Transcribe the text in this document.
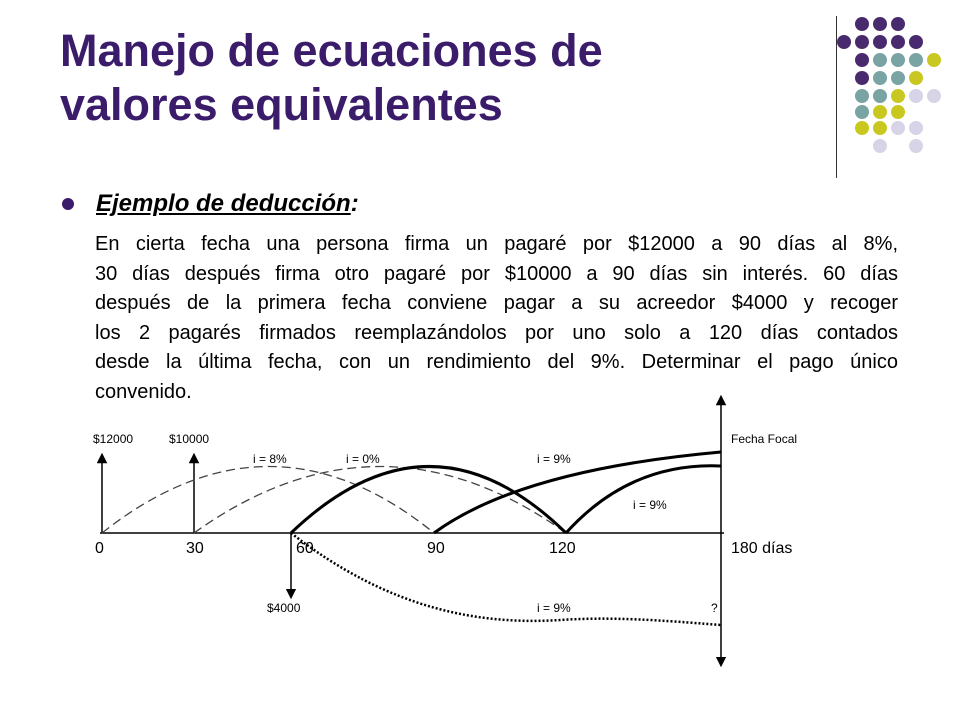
Manejo de ecuaciones de
valores equivalentes
Ejemplo de deducción:
En cierta fecha una persona firma un pagaré por $12000 a 90 días al 8%,
30 días después firma otro pagaré por $10000 a 90 días sin interés. 60 días
después de la primera fecha conviene pagar a su acreedor $4000 y recoger
los 2 pagarés firmados reemplazándolos por uno solo a 120 días contados
desde la última fecha, con un rendimiento del 9%. Determinar el pago único
convenido.
$12000	$10000	Fecha Focal
i = 8%	i = 0%	i = 9%
i = 9%
$4000	i = 9%	?
0	30	60	90	120	180 días
